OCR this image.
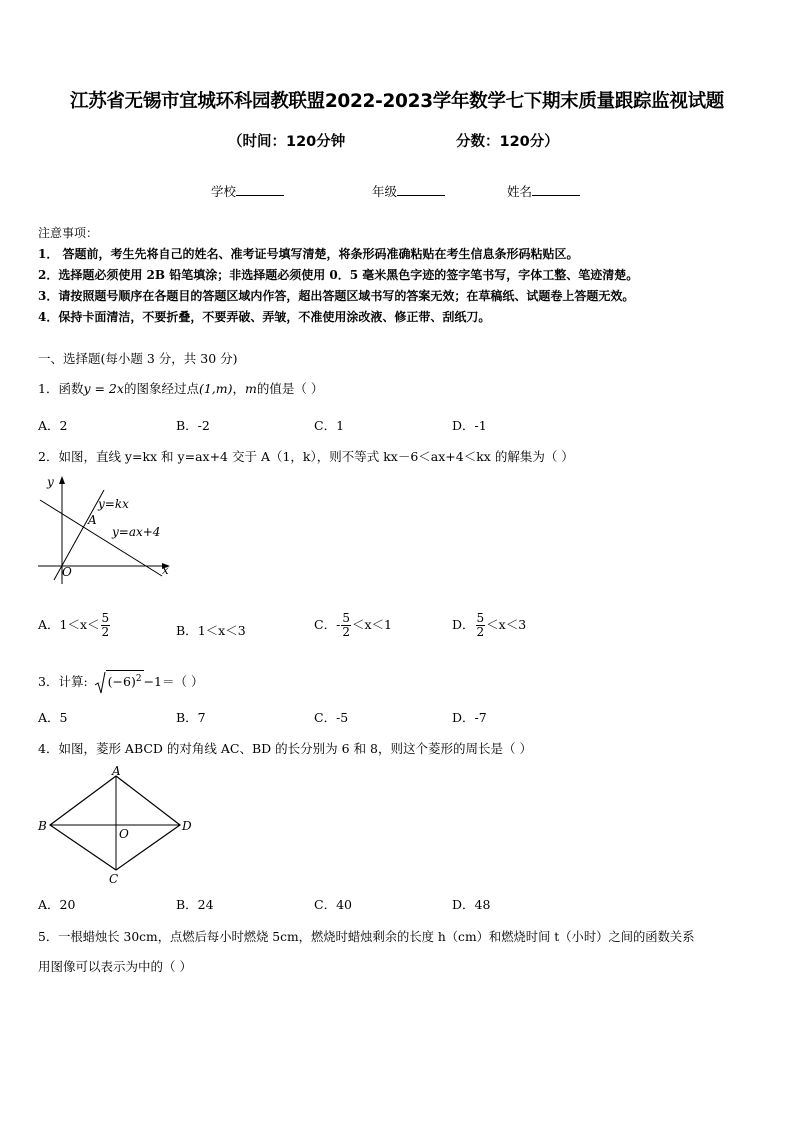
江苏省无锡市宜城环科园教联盟2022-2023学年数学七下期末质量跟踪监视试题
（时间：120分钟	分数：120分）
学校	年级	姓名
注意事项：
1． 答题前，考生先将自己的姓名、准考证号填写清楚，将条形码准确粘贴在考生信息条形码粘贴区。
2．选择题必须使用 2B 铅笔填涂；非选择题必须使用 0．5 毫米黑色字迹的签字笔书写，字体工整、笔迹清楚。
3．请按照题号顺序在各题目的答题区域内作答，超出答题区域书写的答案无效；在草稿纸、试题卷上答题无效。
4．保持卡面清洁，不要折叠，不要弄破、弄皱，不准使用涂改液、修正带、刮纸刀。
一、选择题(每小题 3 分，共 30 分)
1．函数y = 2x的图象经过点(1,m)，m的值是（ ）
A．2	B．-2	C．1	D．-1
2．如图，直线 y=kx 和 y=ax+4 交于 A（1，k），则不等式 kx－6＜ax+4＜kx 的解集为（ ）
y
x
O
A
y=kx
y=ax+4
A．$1<x< \frac{5}{2}$	B．1＜x＜3	C．- $\frac{5}{2} <x<1$	D． $\frac{5}{2} <x<3$
3．计算: $(-6)^2 -1=$（ ）
A．5	B．7	C．-5	D．-7
4．如图，菱形 ABCD 的对角线 AC、BD 的长分别为 6 和 8，则这个菱形的周长是（ ）
A
B
C
D
O
A．20	B．24	C．40	D．48
5．一根蜡烛长 30cm，点燃后每小时燃烧 5cm，燃烧时蜡烛剩余的长度 h（cm）和燃烧时间 t（小时）之间的函数关系
用图像可以表示为中的（ ）
